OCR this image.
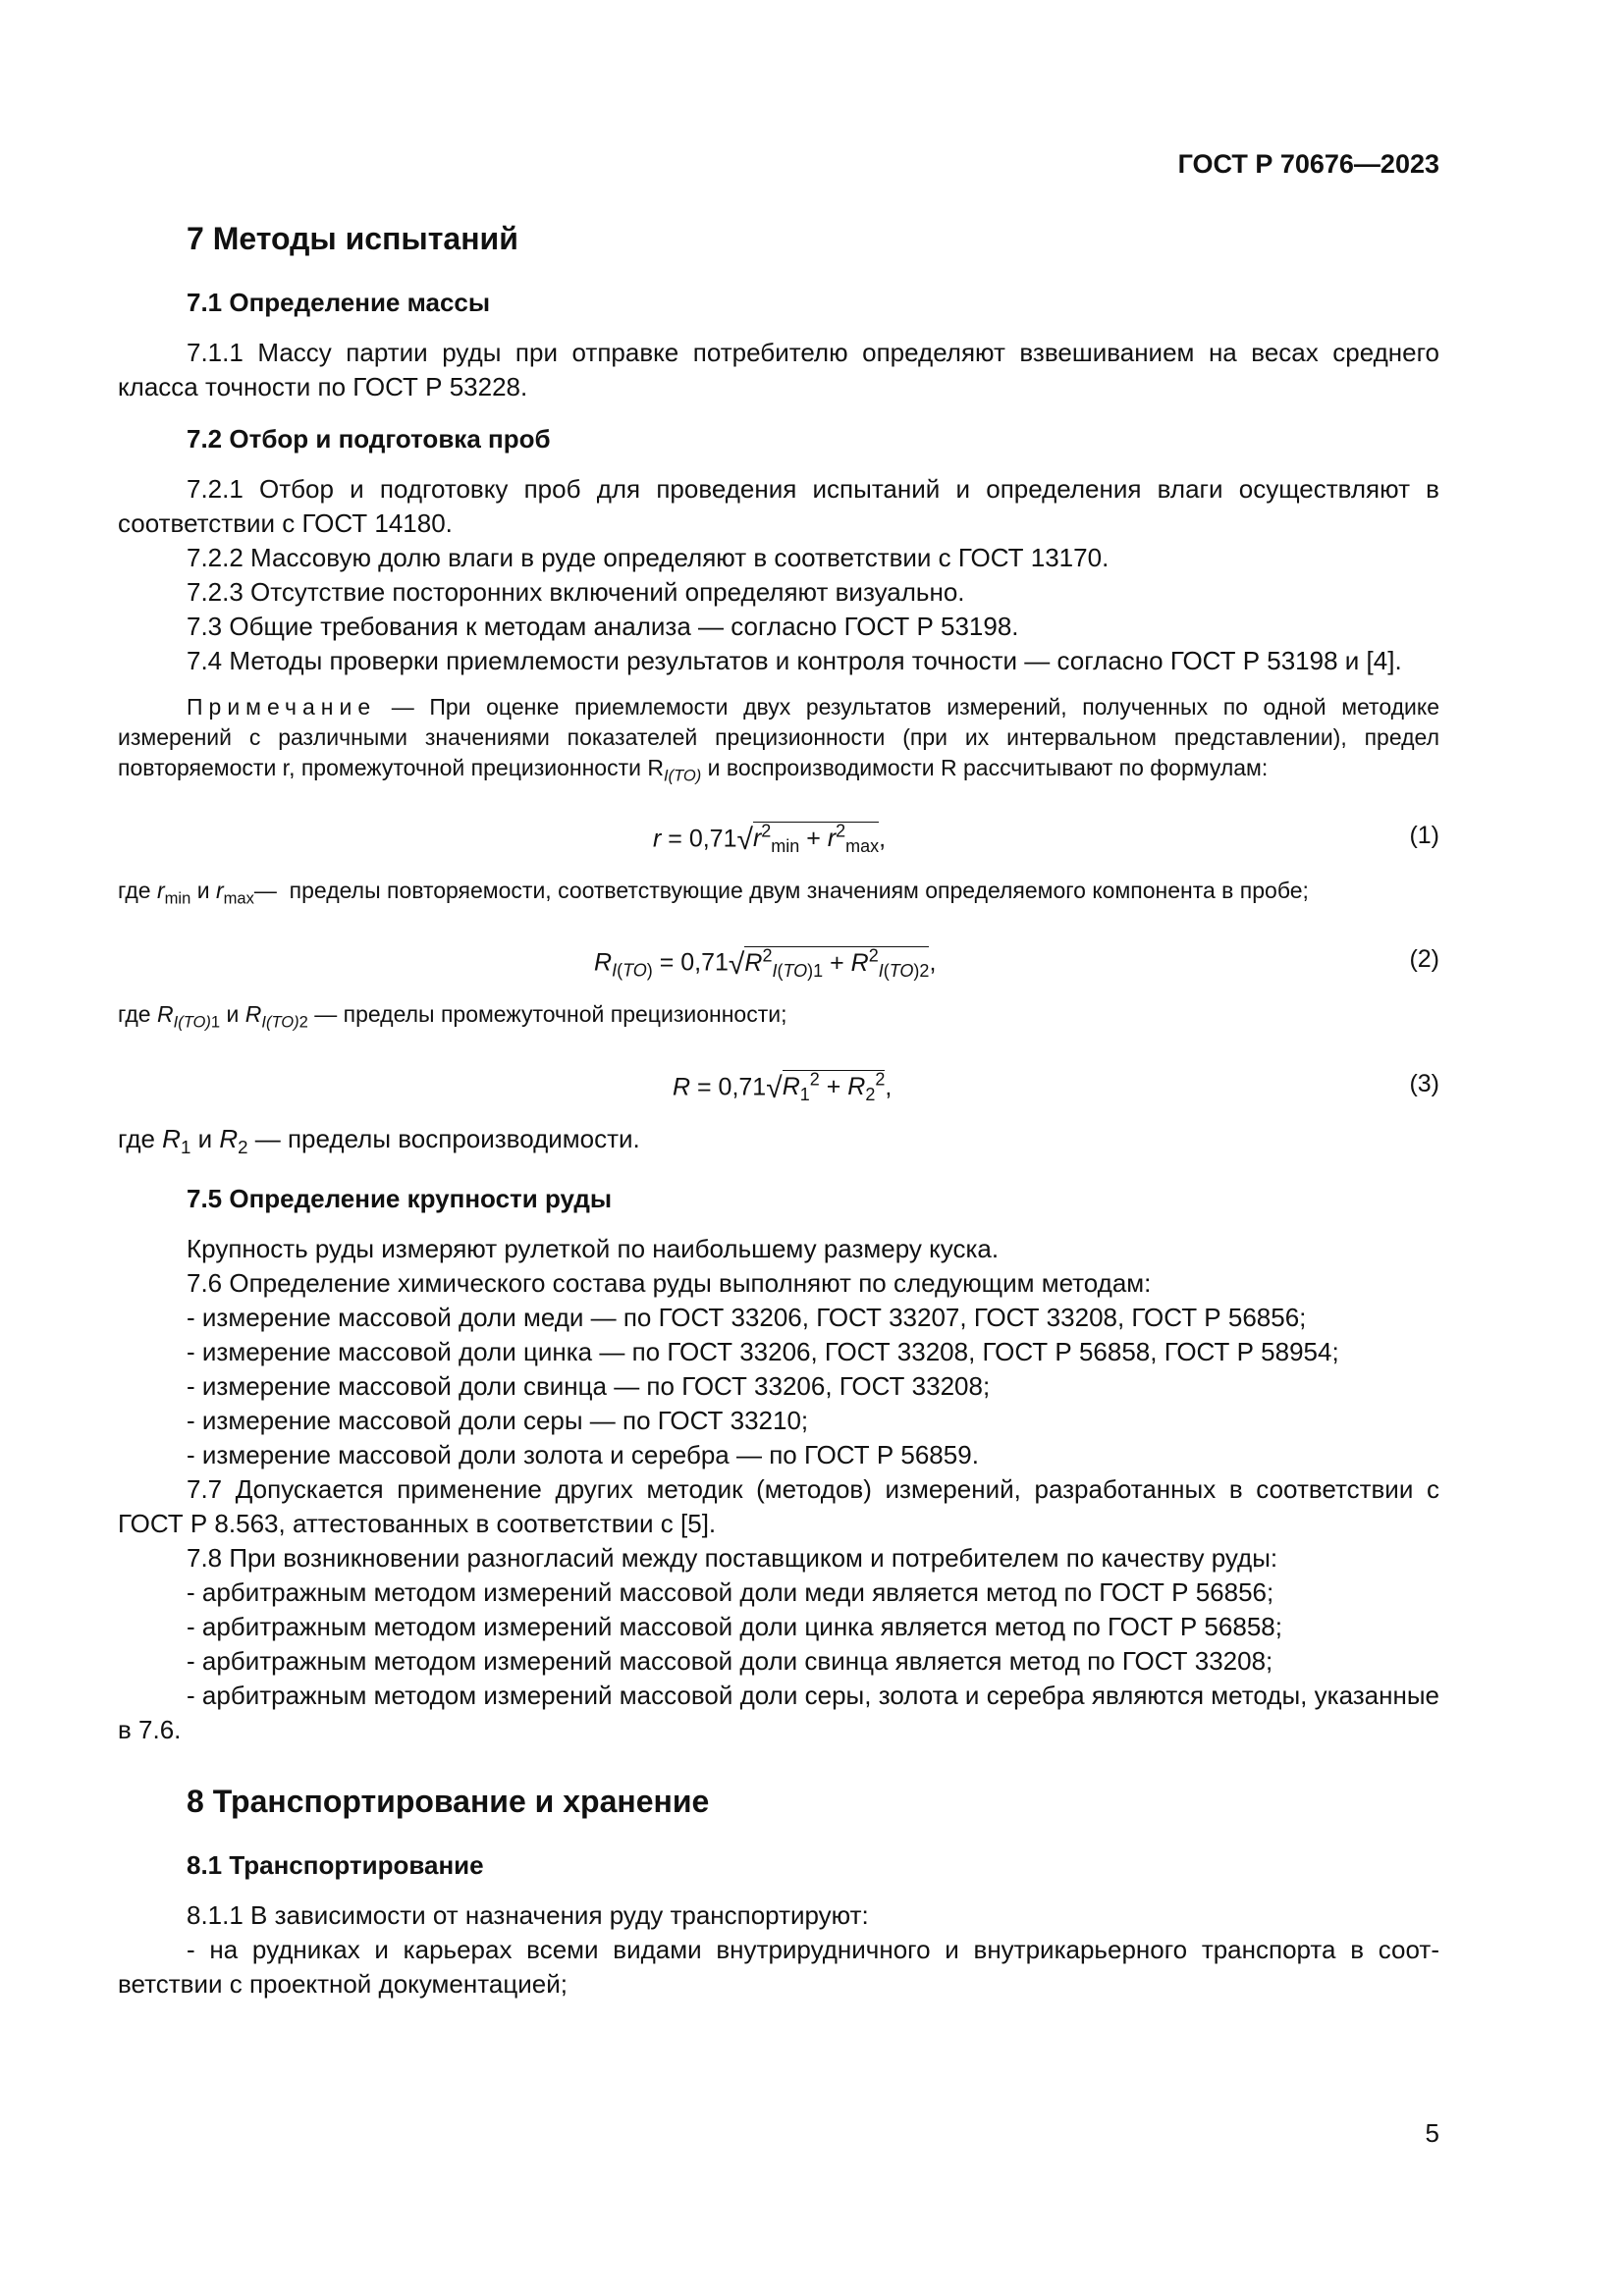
ГОСТ Р 70676—2023
7 Методы испытаний
7.1 Определение массы

7.1.1 Массу партии руды при отправке потребителю определяют взвешиванием на весах среднего класса точности по ГОСТ Р 53228.

7.2 Отбор и подготовка проб

7.2.1 Отбор и подготовку проб для проведения испытаний и определения влаги осуществляют в соответствии с ГОСТ 14180.

7.2.2 Массовую долю влаги в руде определяют в соответствии с ГОСТ 13170.

7.2.3 Отсутствие посторонних включений определяют визуально.

7.3 Общие требования к методам анализа — согласно ГОСТ Р 53198.

7.4 Методы проверки приемлемости результатов и контроля точности — согласно ГОСТ Р 53198 и [4].

Примечание — При оценке приемлемости двух результатов измерений, полученных по одной методике измерений с различными значениями показателей прецизионности (при их интервальном представлении), предел повторяемости r, промежуточной прецизионности $R_{I(TO)}$ и воспроизводимости R рассчитывают по формулам:

$r = 0,71√r^2_{min} + r^2_{max}$,	(1)

где $r_{min}$ и $r_{max}—$  пределы повторяемости, соответствующие двум значениям определяемого компонента в пробе;

$R_{I(TO)} = 0,71√R^2_{I(TO)1} + R^2_{I(TO)2}$,	(2)

где $R_{I(TO)1}$ и $R_{I(TO)2}$ — пределы промежуточной прецизионности;

$R = 0,71√R_1^2 + R_2^2$,	(3)

где $R_1$ и $R_2$ — пределы воспроизводимости.

7.5 Определение крупности руды

Крупность руды измеряют рулеткой по наибольшему размеру куска.

7.6 Определение химического состава руды выполняют по следующим методам:

- измерение массовой доли меди — по ГОСТ 33206, ГОСТ 33207, ГОСТ 33208, ГОСТ Р 56856;

- измерение массовой доли цинка — по ГОСТ 33206, ГОСТ 33208, ГОСТ Р 56858, ГОСТ Р 58954;

- измерение массовой доли свинца — по ГОСТ 33206, ГОСТ 33208;

- измерение массовой доли серы — по ГОСТ 33210;

- измерение массовой доли золота и серебра — по ГОСТ Р 56859.

7.7 Допускается применение других методик (методов) измерений, разработанных в соответствии с ГОСТ Р 8.563, аттестованных в соответствии с [5].

7.8 При возникновении разногласий между поставщиком и потребителем по качеству руды:

- арбитражным методом измерений массовой доли меди является метод по ГОСТ Р 56856;

- арбитражным методом измерений массовой доли цинка является метод по ГОСТ Р 56858;

- арбитражным методом измерений массовой доли свинца является метод по ГОСТ 33208;

- арбитражным методом измерений массовой доли серы, золота и серебра являются методы, указанные в 7.6.

8 Транспортирование и хранение
8.1 Транспортирование

8.1.1 В зависимости от назначения руду транспортируют:

- на рудниках и карьерах всеми видами внутрирудничного и внутрикарьерного транспорта в соответствии с проектной документацией;

5
